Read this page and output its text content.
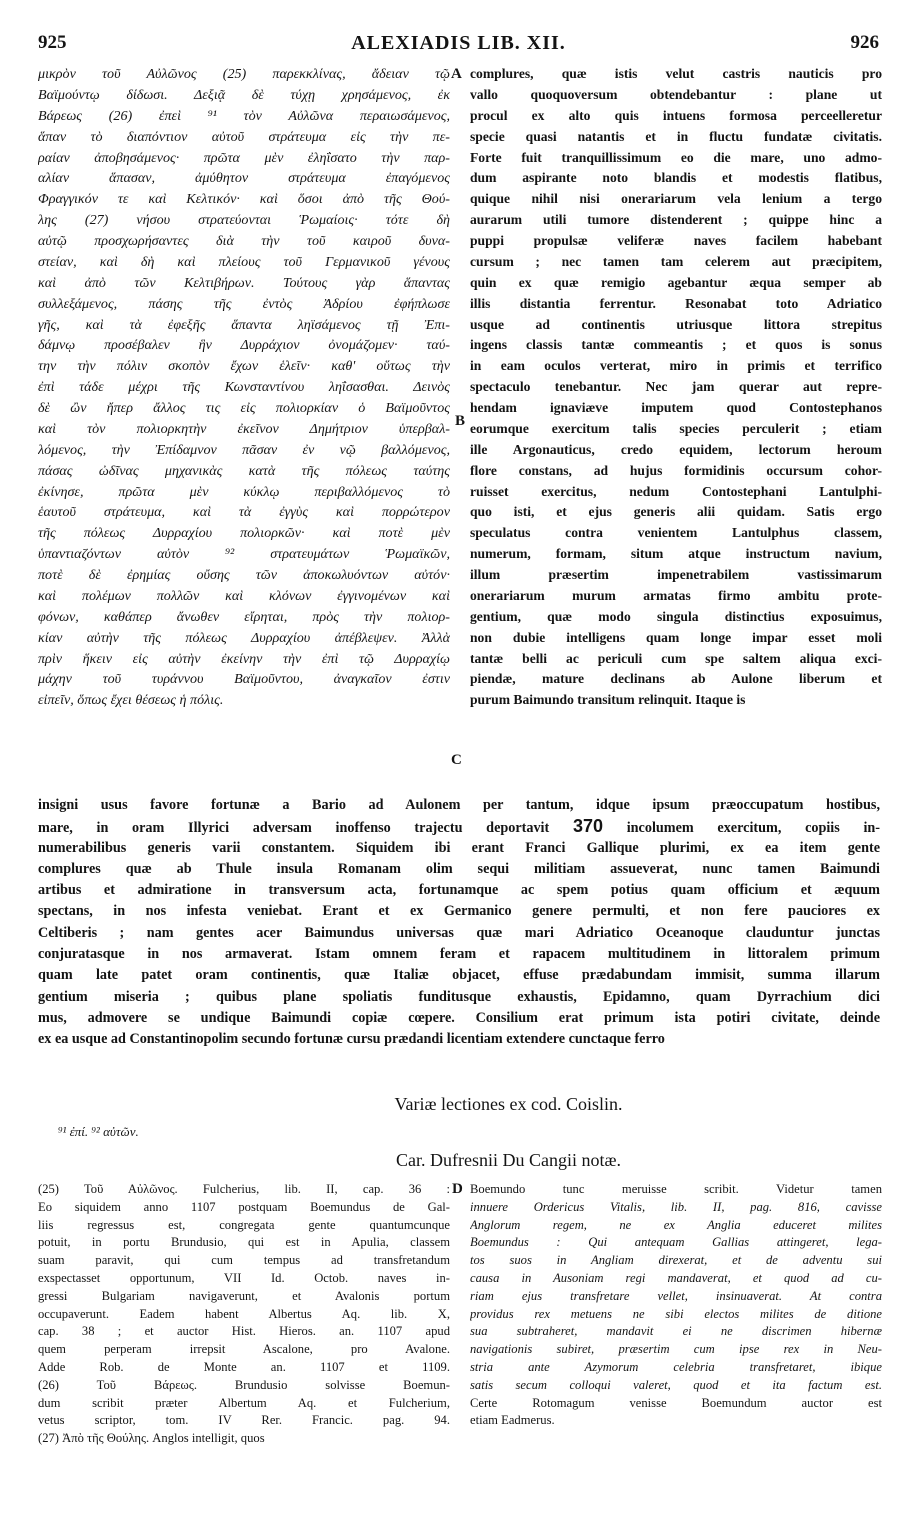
925	ALEXIADIS LIB. XII.	926
μικρὸν τοῦ Αὐλῶνος (25) παρεκκλίνας, ἄδειαν τῷ
Βαϊμούντῳ δίδωσι. Δεξιᾷ δὲ τύχῃ χρησάμενος, ἐκ
Βάρεως (26) ἐπεὶ ⁹¹ τὸν Αὐλῶνα περαιωσάμενος,
ἅπαν τὸ διαπόντιον αὐτοῦ στράτευμα εἰς τὴν πε-
ραίαν ἀποβησάμενος· πρῶτα μὲν ἐληΐσατο τὴν παρ-
αλίαν ἅπασαν, ἀμύθητον στράτευμα ἐπαγόμενος
Φραγγικόν τε καὶ Κελτικόν· καὶ ὅσοι ἀπὸ τῆς Θού-
λης (27) νήσου στρατεύονται Ῥωμαίοις· τότε δὴ
αὐτῷ προσχωρήσαντες διὰ τὴν τοῦ καιροῦ δυνα-
στείαν, καὶ δὴ καὶ πλείους τοῦ Γερμανικοῦ γένους
καὶ ἀπὸ τῶν Κελτιβήρων. Τούτους γὰρ ἅπαντας
συλλεξάμενος, πάσης τῆς ἐντὸς Ἀδρίου ἐφήπλωσε
γῆς, καὶ τὰ ἐφεξῆς ἅπαντα ληϊσάμενος τῇ Ἐπι-
δάμνῳ προσέβαλεν ἣν Δυρράχιον ὀνομάζομεν· ταύ-
την τὴν πόλιν σκοπὸν ἔχων ἑλεῖν· καθ' οὕτως τὴν
ἐπὶ τάδε μέχρι τῆς Κωνσταντίνου ληΐσασθαι. Δεινὸς
δὲ ὢν ἤπερ ἄλλος τις εἰς πολιορκίαν ὁ Βαϊμοῦντος
καὶ τὸν πολιορκητὴν ἐκεῖνον Δημήτριον ὑπερβαλ-
λόμενος, τὴν Ἐπίδαμνον πᾶσαν ἐν νῷ βαλλόμενος,
πάσας ὠδῖνας μηχανικὰς κατὰ τῆς πόλεως ταύτης
ἐκίνησε, πρῶτα μὲν κύκλῳ περιβαλλόμενος τὸ
ἑαυτοῦ στράτευμα, καὶ τὰ ἐγγὺς καὶ πορρώτερον
τῆς πόλεως Δυρραχίου πολιορκῶν· καὶ ποτὲ μὲν
ὑπαντιαζόντων αὐτὸν ⁹² στρατευμάτων Ῥωμαϊκῶν,
ποτὲ δὲ ἐρημίας οὔσης τῶν ἀποκωλυόντων αὐτόν·
καὶ πολέμων πολλῶν καὶ κλόνων ἐγγινομένων καὶ
φόνων, καθάπερ ἄνωθεν εἴρηται, πρὸς τὴν πολιορ-
κίαν αὐτὴν τῆς πόλεως Δυρραχίου ἀπέβλεψεν. Ἀλλὰ
πρὶν ἥκειν εἰς αὐτὴν ἐκείνην τὴν ἐπὶ τῷ Δυρραχίῳ
μάχην τοῦ τυράννου Βαϊμοῦντου, ἀναγκαῖον ἐστιν
εἰπεῖν, ὅπως ἔχει θέσεως ἡ πόλις.
complures, quæ istis velut castris nauticis pro
vallo quoquoversum obtendebantur : plane ut
procul ex alto quis intuens formosa perceelleretur
specie quasi natantis et in fluctu fundatæ civitatis.
Forte fuit tranquillissimum eo die mare, uno admo-
dum aspirante noto blandis et modestis flatibus,
quique nihil nisi onerariarum vela lenium a tergo
aurarum utili tumore distenderent ; quippe hinc a
puppi propulsæ veliferæ naves facilem habebant
cursum ; nec tamen tam celerem aut præcipitem,
quin ex quæ remigio agebantur æqua semper ab
illis distantia ferrentur. Resonabat toto Adriatico
usque ad continentis utriusque littora strepitus
ingens classis tantæ commeantis ; et quos is sonus
in eam oculos verterat, miro in primis et terrifico
spectaculo tenebantur. Nec jam querar aut repre-
hendam ignaviæve imputem quod Contostephanos
eorumque exercitum talis species perculerit ; etiam
ille Argonauticus, credo equidem, lectorum heroum
flore constans, ad hujus formidinis occursum cohor-
ruisset exercitus, nedum Contostephani Lantulphi-
quo isti, et ejus generis alii quidam. Satis ergo
speculatus contra venientem Lantulphus classem,
numerum, formam, situm atque instructum navium,
illum præsertim impenetrabilem vastissimarum
onerariarum murum armatas firmo ambitu prote-
gentium, quæ modo singula distinctius exposuimus,
non dubie intelligens quam longe impar esset moli
tantæ belli ac periculi cum spe saltem aliqua exci-
piendæ, mature declinans ab Aulone liberum et
purum Baimundo transitum relinquit. Itaque is
A
B
C
D
insigni usus favore fortunæ a Bario ad Aulonem per tantum, idque ipsum præoccupatum hostibus,
mare, in oram Illyrici adversam inoffenso trajectu deportavit 370 incolumem exercitum, copiis in-
numerabilibus generis varii constantem. Siquidem ibi erant Franci Gallique plurimi, ex ea item gente
complures quæ ab Thule insula Romanam olim sequi militiam assueverat, nunc tamen Baimundi
artibus et admiratione in transversum acta, fortunamque ac spem potius quam officium et æquum
spectans, in nos infesta veniebat. Erant et ex Germanico genere permulti, et non fere pauciores ex
Celtiberis ; nam gentes acer Baimundus universas quæ mari Adriatico Oceanoque clauduntur junctas
conjuratasque in nos armaverat. Istam omnem feram et rapacem multitudinem in littoralem primum
quam late patet oram continentis, quæ Italiæ objacet, effuse prædabundam immisit, summa illarum
gentium miseria ; quibus plane spoliatis funditusque exhaustis, Epidamno, quam Dyrrachium dici
mus, admovere se undique Baimundi copiæ cœpere. Consilium erat primum ista potiri civitate, deinde
ex ea usque ad Constantinopolim secundo fortunæ cursu prædandi licentiam extendere cunctaque ferro
Variæ lectiones ex cod. Coislin.
⁹¹ ἐπί. ⁹² αὐτῶν.
Car. Dufresnii Du Cangii notæ.
(25) Τοῦ Αὐλῶνος. Fulcherius, lib. II, cap. 36 :
Eo siquidem anno 1107 postquam Boemundus de Gal-
liis regressus est, congregata gente quantumcunque
potuit, in portu Brundusio, qui est in Apulia, classem
suam paravit, qui cum tempus ad transfretandum
exspectasset opportunum, VII Id. Octob. naves in-
gressi Bulgariam navigaverunt, et Avalonis portum
occupaverunt. Eadem habent Albertus Aq. lib. X,
cap. 38 ; et auctor Hist. Hieros. an. 1107 apud
quem perperam irrepsit Ascalone, pro Avalone.
Adde Rob. de Monte an. 1107 et 1109.
(26) Τοῦ Βάρεως. Brundusio solvisse Boemun-
dum scribit præter Albertum Aq. et Fulcherium,
vetus scriptor, tom. IV Rer. Francic. pag. 94.
(27) Ἀπὸ τῆς Θούλης. Anglos intelligit, quos
Boemundo tunc meruisse scribit. Videtur tamen
innuere Ordericus Vitalis, lib. II, pag. 816, cavisse
Anglorum regem, ne ex Anglia educeret milites
Boemundus : Qui antequam Gallias attingeret, lega-
tos suos in Angliam direxerat, et de adventu sui
causa in Ausoniam regi mandaverat, et quod ad cu-
riam ejus transfretare vellet, insinuaverat. At contra
providus rex metuens ne sibi electos milites de ditione
sua subtraheret, mandavit ei ne discrimen hibernæ
navigationis subiret, præsertim cum ipse rex in Neu-
stria ante Azymorum celebria transfretaret, ibique
satis secum colloqui valeret, quod et ita factum est.
Certe Rotomagum venisse Boemundum auctor est
etiam Eadmerus.
